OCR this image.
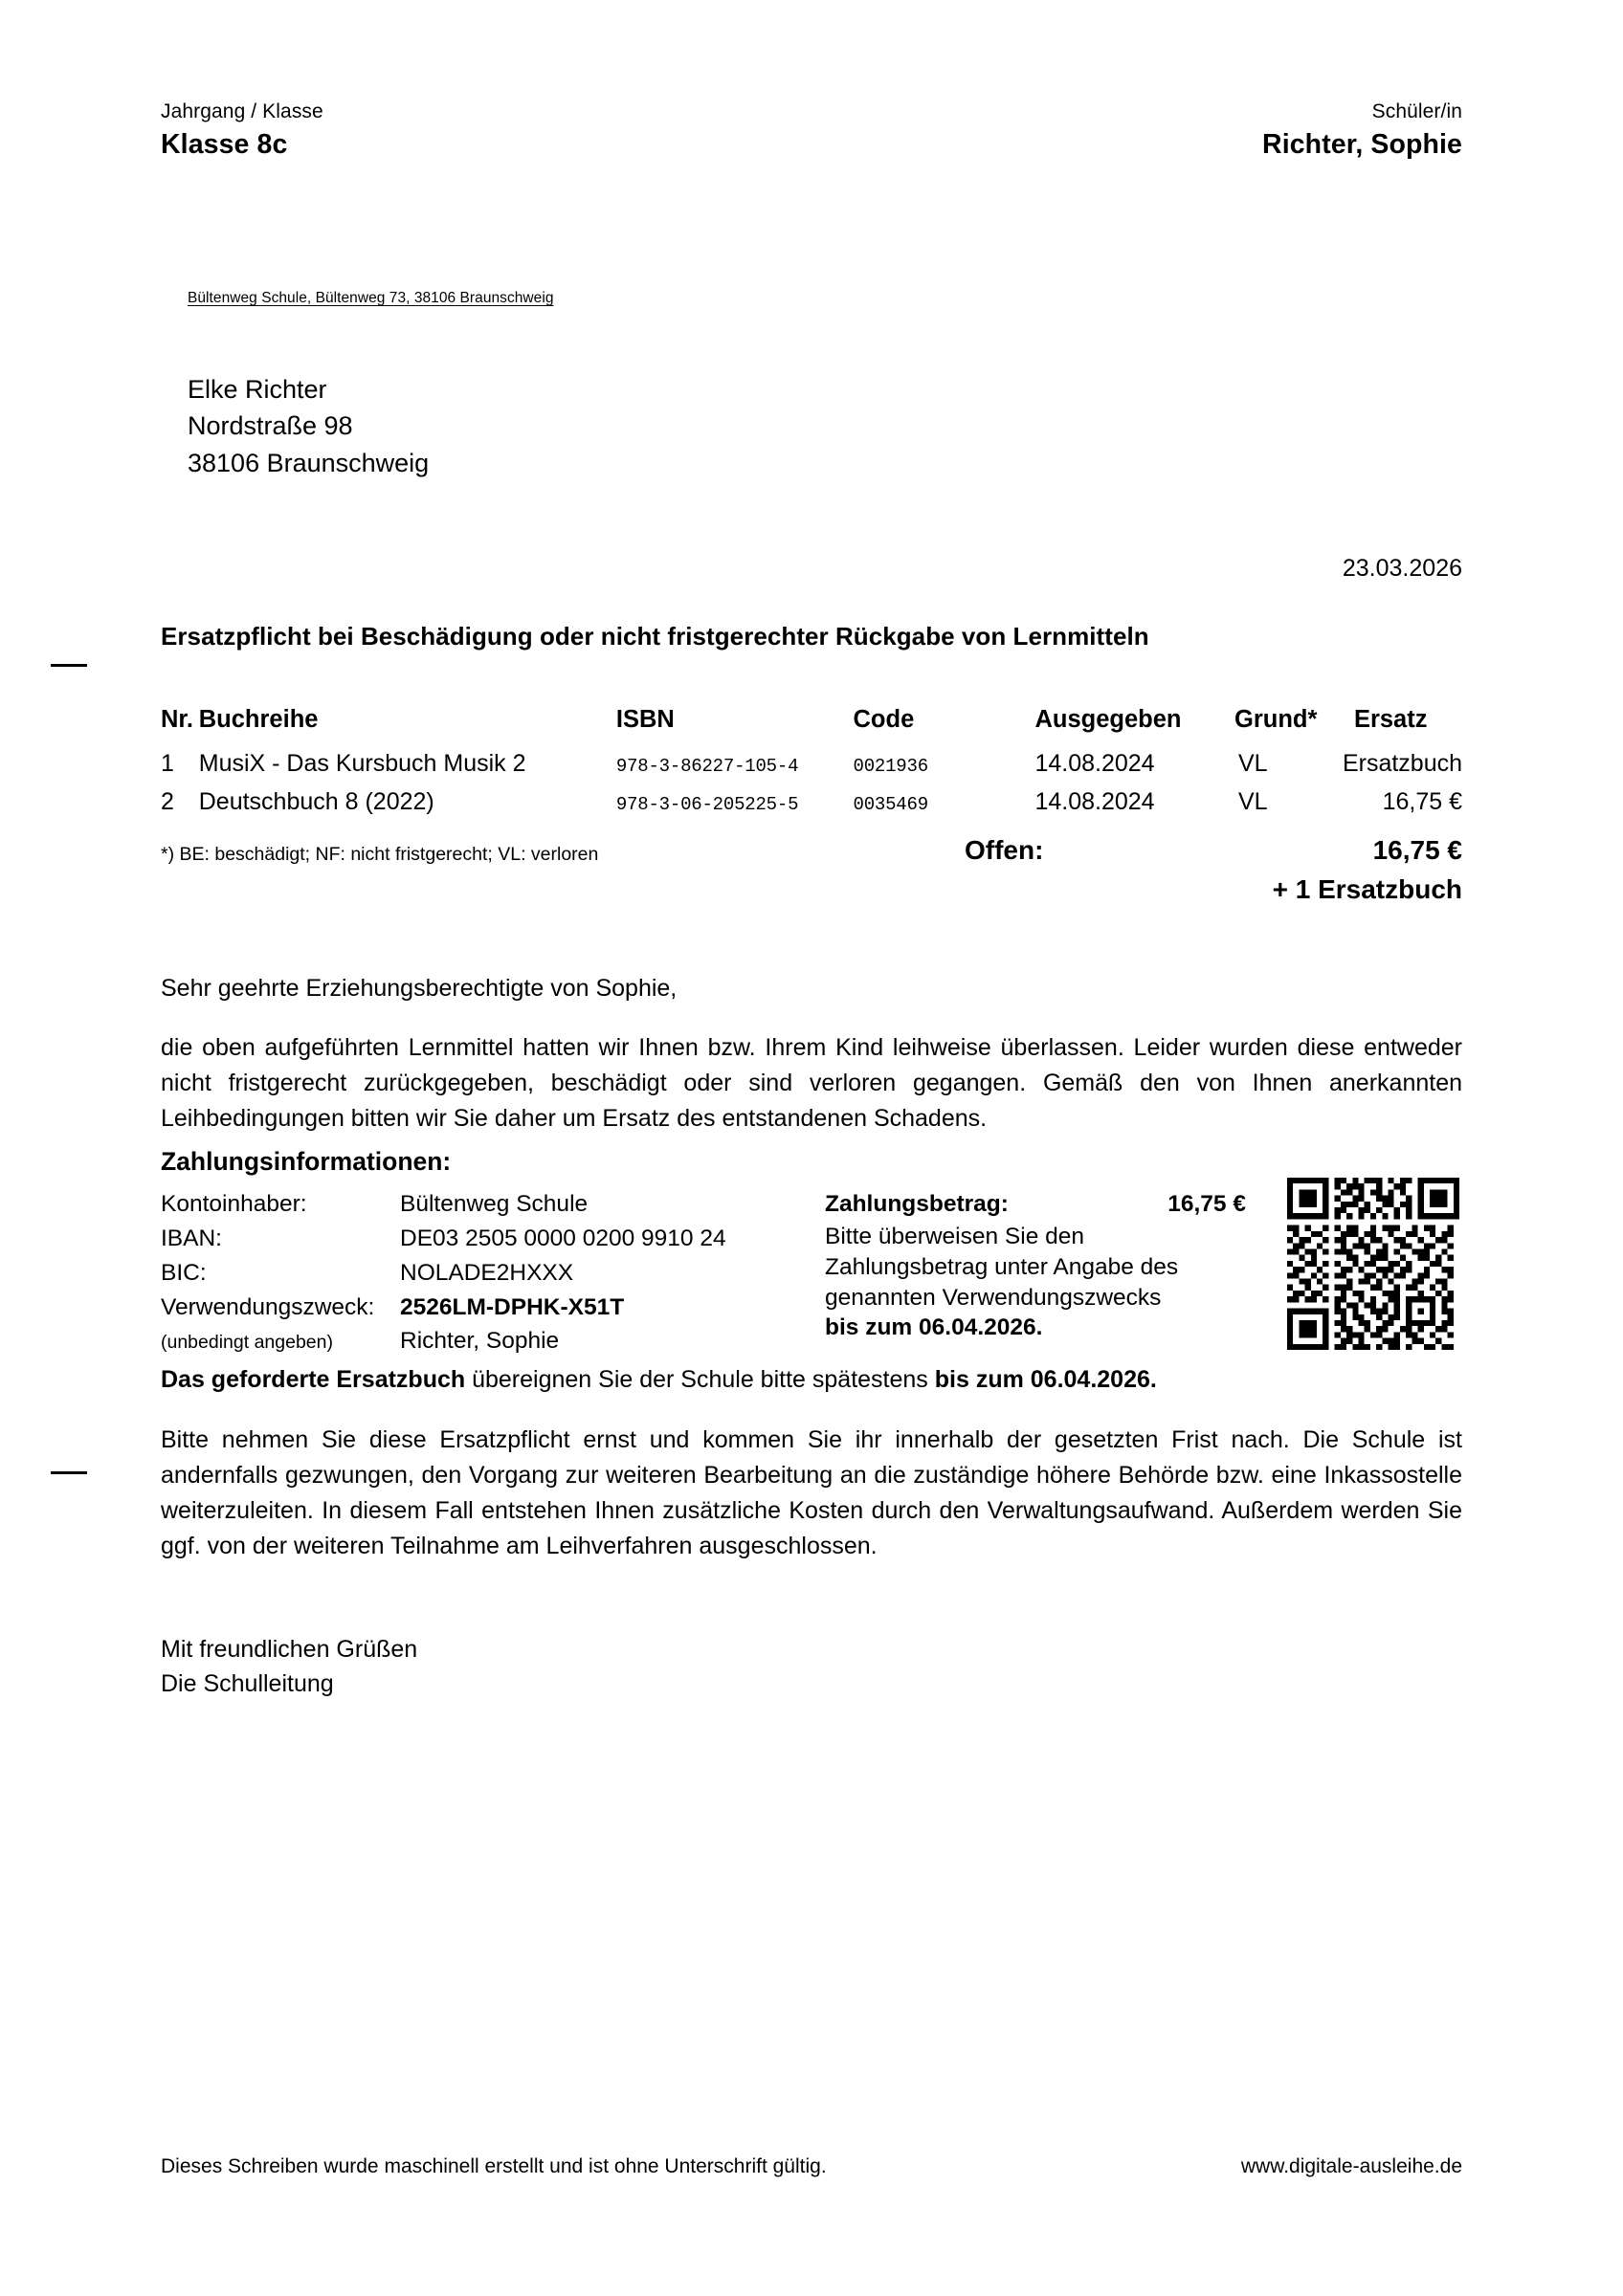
Jahrgang / Klasse
Klasse 8c
Schüler/in
Richter, Sophie
Bültenweg Schule, Bültenweg 73, 38106 Braunschweig
Elke Richter
Nordstraße 98
38106 Braunschweig
23.03.2026
Ersatzpflicht bei Beschädigung oder nicht fristgerechter Rückgabe von Lernmitteln
Nr.	Buchreihe	ISBN	Code	Ausgegeben	Grund*	Ersatz
1	MusiX - Das Kursbuch Musik 2	978-3-86227-105-4	0021936	14.08.2024	VL	Ersatzbuch
2	Deutschbuch 8 (2022)	978-3-06-205225-5	0035469	14.08.2024	VL	16,75 €
*) BE: beschädigt; NF: nicht fristgerecht; VL: verloren	Offen:	16,75 €
+ 1 Ersatzbuch
Sehr geehrte Erziehungsberechtigte von Sophie,
die oben aufgeführten Lernmittel hatten wir Ihnen bzw. Ihrem Kind leihweise überlassen. Leider wurden diese entweder nicht fristgerecht zurückgegeben, beschädigt oder sind verloren gegangen. Gemäß den von Ihnen anerkannten Leihbedingungen bitten wir Sie daher um Ersatz des entstandenen Schadens.
Zahlungsinformationen:
Kontoinhaber:	Bültenweg Schule
IBAN:	DE03 2505 0000 0200 9910 24
BIC:	NOLADE2HXXX
Verwendungszweck:	2526LM-DPHK-X51T
(unbedingt angeben)	Richter, Sophie
Zahlungsbetrag:	16,75 €
Bitte überweisen Sie den
Zahlungsbetrag unter Angabe des
genannten Verwendungszwecks
bis zum 06.04.2026.
Das geforderte Ersatzbuch übereignen Sie der Schule bitte spätestens bis zum 06.04.2026.
Bitte nehmen Sie diese Ersatzpflicht ernst und kommen Sie ihr innerhalb der gesetzten Frist nach. Die Schule ist andernfalls gezwungen, den Vorgang zur weiteren Bearbeitung an die zuständige höhere Behörde bzw. eine Inkassostelle weiterzuleiten. In diesem Fall entstehen Ihnen zusätzliche Kosten durch den Verwaltungsaufwand. Außerdem werden Sie ggf. von der weiteren Teilnahme am Leihverfahren ausgeschlossen.
Mit freundlichen Grüßen
Die Schulleitung
Dieses Schreiben wurde maschinell erstellt und ist ohne Unterschrift gültig.	www.digitale-ausleihe.de
